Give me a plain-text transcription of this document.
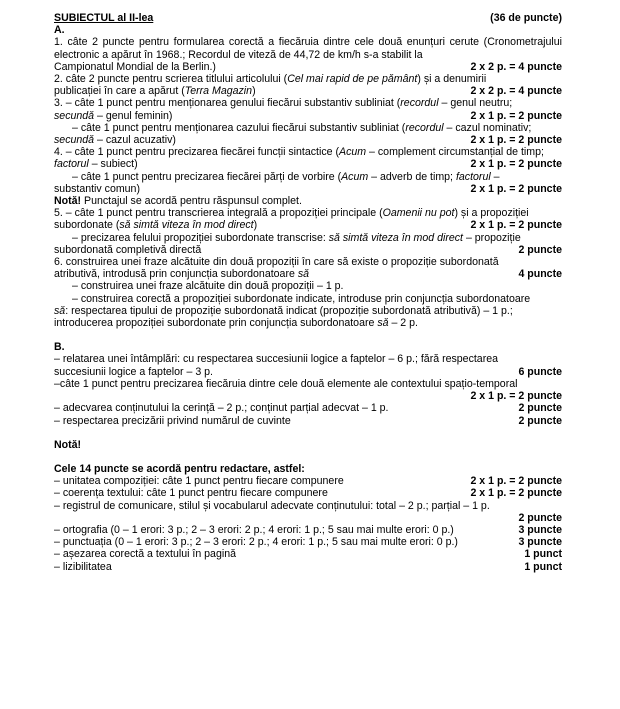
SUBIECTUL al II-lea	(36 de puncte)
A.
1. câte 2 puncte pentru formularea corectă a fiecăruia dintre cele două enunțuri cerute (Cronometrajului electronic a apărut în 1968.; Recordul de viteză de 44,72 de km/h s-a stabilit la
Campionatul Mondial de la Berlin.)	2 x 2 p. = 4 puncte
2. câte 2 puncte pentru scrierea titlului articolului (Cel mai rapid de pe pământ) și a denumirii
publicației în care a apărut (Terra Magazin)	2 x 2 p. = 4 puncte
3. – câte 1 punct pentru menționarea genului fiecărui substantiv subliniat (recordul – genul neutru;
secundă – genul feminin)	2 x 1 p. = 2 puncte
– câte 1 punct pentru menționarea cazului fiecărui substantiv subliniat (recordul – cazul nominativ;
secundă – cazul acuzativ)	2 x 1 p. = 2 puncte
4. – câte 1 punct pentru precizarea fiecărei funcții sintactice (Acum – complement circumstanțial de timp;
factorul – subiect)	2 x 1 p. = 2 puncte
– câte 1 punct pentru precizarea fiecărei părți de vorbire (Acum – adverb de timp; factorul –
substantiv comun)	2 x 1 p. = 2 puncte
Notă! Punctajul se acordă pentru răspunsul complet.
5. – câte 1 punct pentru transcrierea integrală a propoziției principale (Oamenii nu pot) și a propoziției
subordonate (să simtă viteza în mod direct)	2 x 1 p. = 2 puncte
– precizarea felului propoziției subordonate transcrise: să simtă viteza în mod direct – propoziție
subordonată completivă directă	2 puncte
6. construirea unei fraze alcătuite din două propoziții în care să existe o propoziție subordonată
atributivă, introdusă prin conjuncția subordonatoare să	4 puncte
– construirea unei fraze alcătuite din două propoziții – 1 p.
– construirea corectă a propoziției subordonate indicate, introduse prin conjuncția subordonatoare
să: respectarea tipului de propoziție subordonată indicat (propoziție subordonată atributivă) – 1 p.;
introducerea propoziției subordonate prin conjuncția subordonatoare să – 2 p.
B.
– relatarea unei întâmplări: cu respectarea succesiunii logice a faptelor – 6 p.; fără respectarea
succesiunii logice a faptelor – 3 p.	6 puncte
–câte 1 punct pentru precizarea fiecăruia dintre cele două elemente ale contextului spațio-temporal
2 x 1 p. = 2 puncte
– adecvarea conținutului la cerință – 2 p.; conținut parțial adecvat – 1 p.	2 puncte
– respectarea precizării privind numărul de cuvinte	2 puncte
Notă!
Cele 14 puncte se acordă pentru redactare, astfel:
– unitatea compoziției: câte 1 punct pentru fiecare compunere	2 x 1 p. = 2 puncte
– coerența textului: câte 1 punct pentru fiecare compunere	2 x 1 p. = 2 puncte
– registrul de comunicare, stilul și vocabularul adecvate conținutului: total – 2 p.; parțial – 1 p.
2 puncte
– ortografia (0 – 1 erori: 3 p.; 2 – 3 erori: 2 p.; 4 erori: 1 p.; 5 sau mai multe erori: 0 p.)	3 puncte
– punctuația (0 – 1 erori: 3 p.; 2 – 3 erori: 2 p.; 4 erori: 1 p.; 5 sau mai multe erori: 0 p.)	3 puncte
– așezarea corectă a textului în pagină	1 punct
– lizibilitatea	1 punct
